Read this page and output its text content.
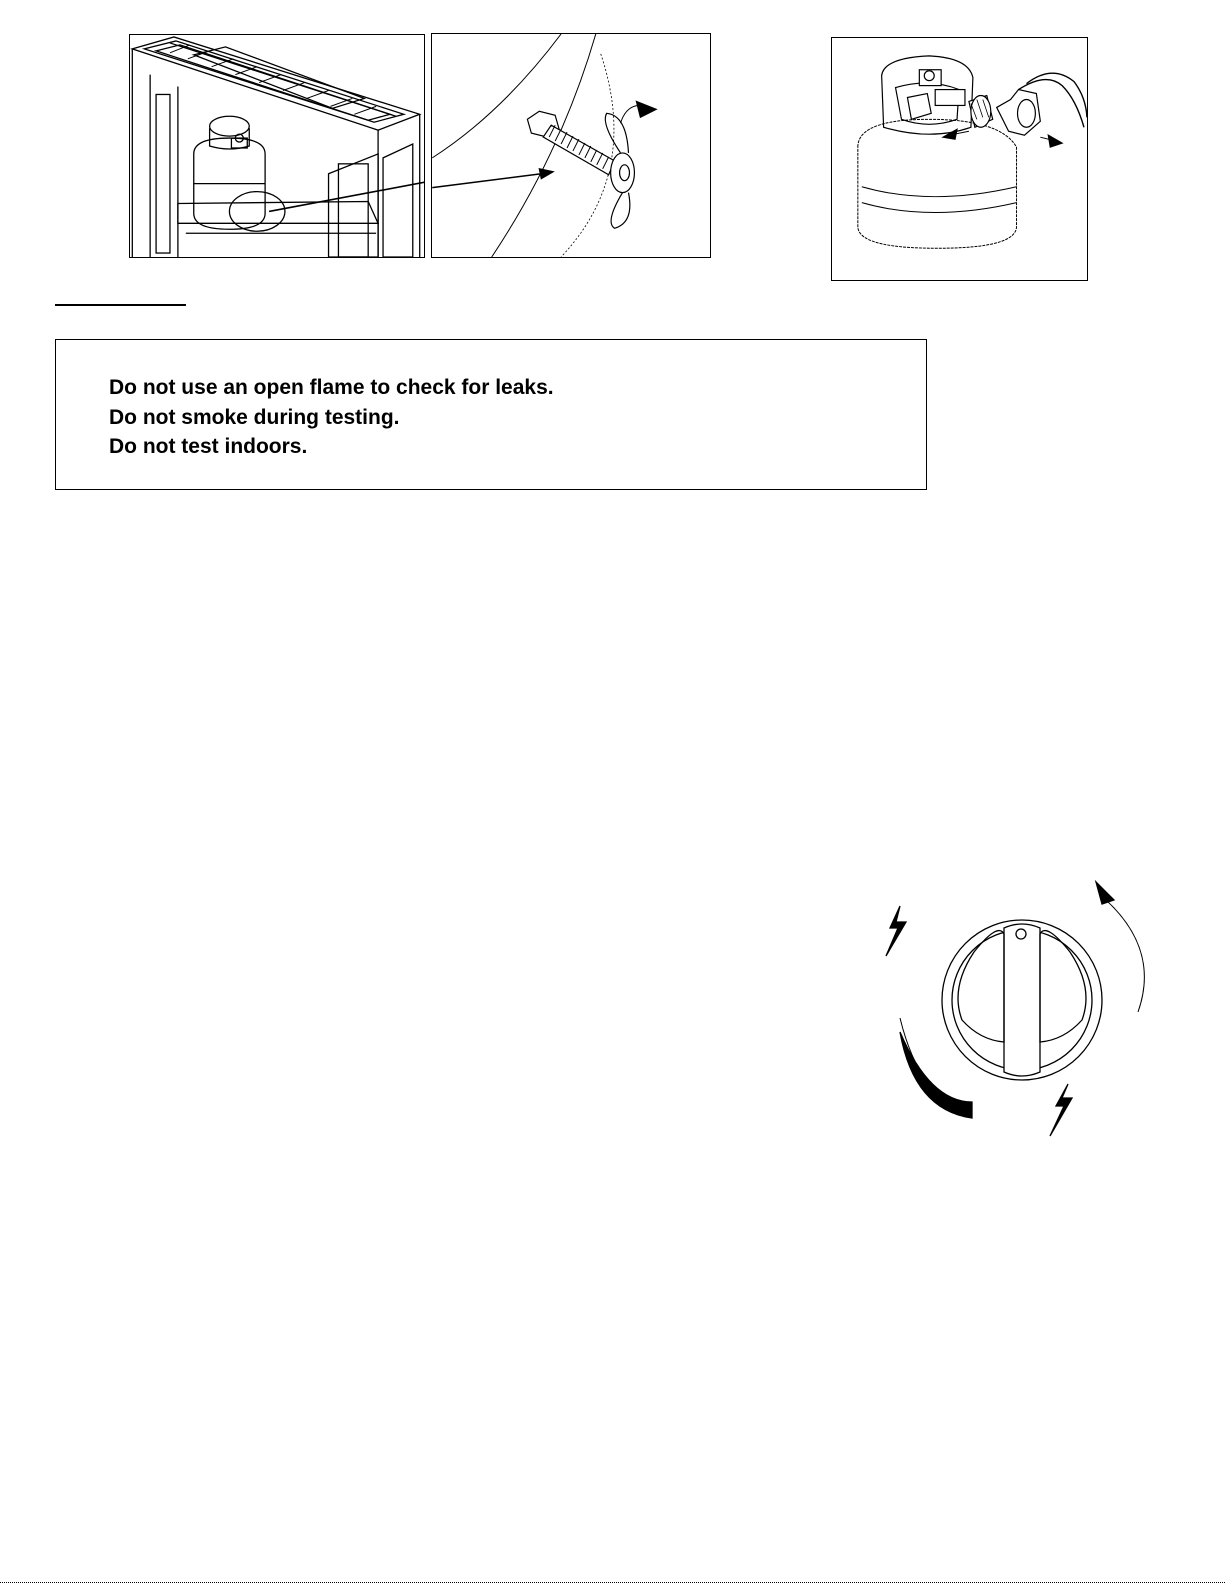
Do not use an open flame to check for leaks.
Do not smoke during testing.
Do not test indoors.
